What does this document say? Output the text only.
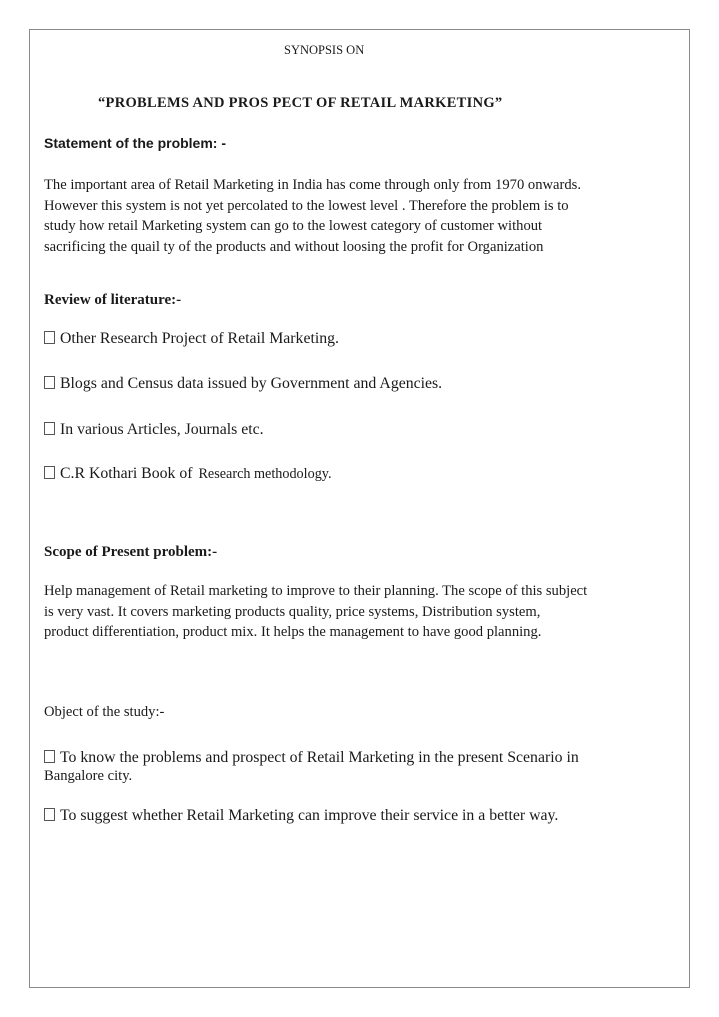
SYNOPSIS ON
“PROBLEMS AND PROS PECT OF RETAIL MARKETING”
Statement of the problem: -
The important area of Retail Marketing in India has come through only from 1970 onwards.
However this system is not yet percolated to the lowest level . Therefore the problem is to
study how retail Marketing system can go to the lowest category of customer without
sacrificing the quail ty of the products and without loosing the profit for Organization
Review of literature:-
Other Research Project of Retail Marketing.
Blogs and Census data issued by Government and Agencies.
In various Articles, Journals etc.
C.R Kothari Book of Research methodology.
Scope of Present problem:-
Help management of Retail marketing to improve to their planning. The scope of this subject
is very vast. It covers marketing products quality, price systems, Distribution system,
product differentiation, product mix. It helps the management to have good planning.
Object of the study:-
To know the problems and prospect of Retail Marketing in the present Scenario in
Bangalore city.
To suggest whether Retail Marketing can improve their service in a better way.
